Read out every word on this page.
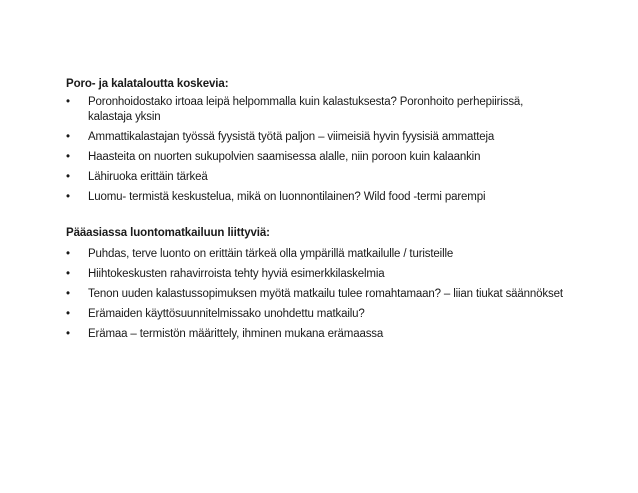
Poro- ja kalataloutta koskevia:
•	Poronhoidostako irtoaa leipä helpommalla kuin kalastuksesta? Poronhoito perhepiirissä, kalastaja yksin
•	Ammattikalastajan työssä fyysistä työtä paljon – viimeisiä hyvin fyysisiä ammatteja
•	Haasteita on nuorten sukupolvien saamisessa alalle, niin poroon kuin kalaankin
•	Lähiruoka erittäin tärkeä
•	Luomu- termistä keskustelua, mikä on luonnontilainen? Wild food -termi parempi
Pääasiassa luontomatkailuun liittyviä:
•	Puhdas, terve luonto on erittäin tärkeä olla ympärillä matkailulle / turisteille
•	Hiihtokeskusten rahavirroista tehty hyviä esimerkkilaskelmia
•	Tenon uuden kalastussopimuksen myötä matkailu tulee romahtamaan? – liian tiukat säännökset
•	Erämaiden käyttösuunnitelmissako unohdettu matkailu?
•	Erämaa – termistön määrittely, ihminen mukana erämaassa
